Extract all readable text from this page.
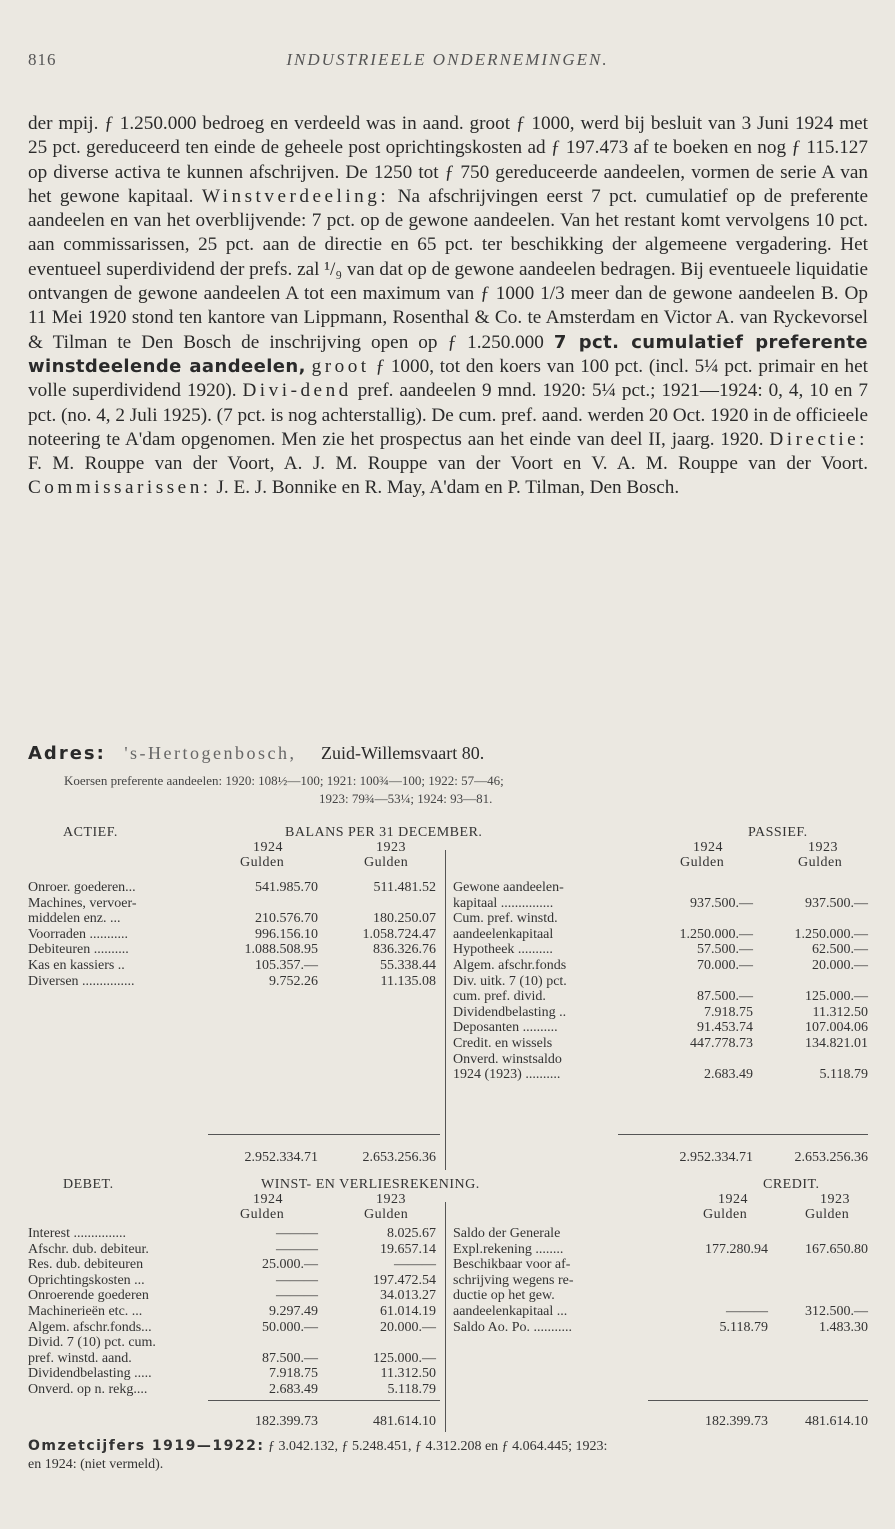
816	INDUSTRIEELE ONDERNEMINGEN.
der mpij. ƒ 1.250.000 bedroeg en verdeeld was in aand. groot ƒ 1000, werd bij besluit van 3 Juni 1924 met 25 pct. gereduceerd ten einde de geheele post oprichtingskosten ad ƒ 197.473 af te boeken en nog ƒ 115.127 op diverse activa te kunnen afschrijven. De 1250 tot ƒ 750 gereduceerde aandeelen, vormen de serie A van het gewone kapitaal. Winstverdeeling: Na afschrijvingen eerst 7 pct. cumulatief op de preferente aandeelen en van het overblijvende: 7 pct. op de gewone aandeelen. Van het restant komt vervolgens 10 pct. aan commissarissen, 25 pct. aan de directie en 65 pct. ter beschikking der algemeene vergadering. Het eventueel superdividend der prefs. zal ¹/₉ van dat op de gewone aandeelen bedragen. Bij eventueele liquidatie ontvangen de gewone aandeelen A tot een maximum van ƒ 1000 1/3 meer dan de gewone aandeelen B. Op 11 Mei 1920 stond ten kantore van Lippmann, Rosenthal & Co. te Amsterdam en Victor A. van Ryckevorsel & Tilman te Den Bosch de inschrijving open op ƒ 1.250.000 7 pct. cumulatief preferente winstdeelende aandeelen, groot ƒ 1000, tot den koers van 100 pct. (incl. 5¼ pct. primair en het volle superdividend 1920). Divi-dend pref. aandeelen 9 mnd. 1920: 5¼ pct.; 1921—1924: 0, 4, 10 en 7 pct. (no. 4, 2 Juli 1925). (7 pct. is nog achterstallig). De cum. pref. aand. werden 20 Oct. 1920 in de officieele noteering te A'dam opgenomen. Men zie het prospectus aan het einde van deel II, jaarg. 1920. Directie: F. M. Rouppe van der Voort, A. J. M. Rouppe van der Voort en V. A. M. Rouppe van der Voort. Commissarissen: J. E. J. Bonnike en R. May, A'dam en P. Tilman, Den Bosch.
Adres: 's-Hertogenbosch, Zuid-Willemsvaart 80.
Koersen preferente aandeelen: 1920: 108½—100; 1921: 100¾—100; 1922: 57—46;
1923: 79¾—53¼; 1924: 93—81.
ACTIEF.	BALANS PER 31 DECEMBER.	PASSIEF.
1924	1923	1924	1923
Gulden	Gulden	Gulden	Gulden
Onroer. goederen...	541.985.70	511.481.52
Machines, vervoer-
middelen enz. ...	210.576.70	180.250.07
Voorraden ...........	996.156.10	1.058.724.47
Debiteuren ..........	1.088.508.95	836.326.76
Kas en kassiers ..	105.357.—	55.338.44
Diversen ...............	9.752.26	11.135.08
Gewone aandeelen-
kapitaal ...............	937.500.—	937.500.—
Cum. pref. winstd.
aandeelenkapitaal	1.250.000.—	1.250.000.—
Hypotheek ..........	57.500.—	62.500.—
Algem. afschr.fonds	70.000.—	20.000.—
Div. uitk. 7 (10) pct.
cum. pref. divid.	87.500.—	125.000.—
Dividendbelasting ..	7.918.75	11.312.50
Deposanten ..........	91.453.74	107.004.06
Credit. en wissels	447.778.73	134.821.01
Onverd. winstsaldo
1924 (1923) ..........	2.683.49	5.118.79
2.952.334.71	2.653.256.36	2.952.334.71	2.653.256.36
DEBET.	WINST- EN VERLIESREKENING.	CREDIT.
1924	1923	1924	1923
Gulden	Gulden	Gulden	Gulden
Interest ...............	———	8.025.67
Afschr. dub. debiteur.	———	19.657.14
Res. dub. debiteuren	25.000.—	———
Oprichtingskosten ...	———	197.472.54
Onroerende goederen	———	34.013.27
Machinerieën etc. ...	9.297.49	61.014.19
Algem. afschr.fonds...	50.000.—	20.000.—
Divid. 7 (10) pct. cum.
pref. winstd. aand.	87.500.—	125.000.—
Dividendbelasting .....	7.918.75	11.312.50
Onverd. op n. rekg....	2.683.49	5.118.79
Saldo der Generale
Expl.rekening ........	177.280.94	167.650.80
Beschikbaar voor af-
schrijving wegens re-
ductie op het gew.
aandeelenkapitaal ...	———	312.500.—
Saldo Ao. Po. ...........	5.118.79	1.483.30
182.399.73	481.614.10	182.399.73	481.614.10
Omzetcijfers 1919—1922: ƒ 3.042.132, ƒ 5.248.451, ƒ 4.312.208 en ƒ 4.064.445; 1923:
en 1924: (niet vermeld).
